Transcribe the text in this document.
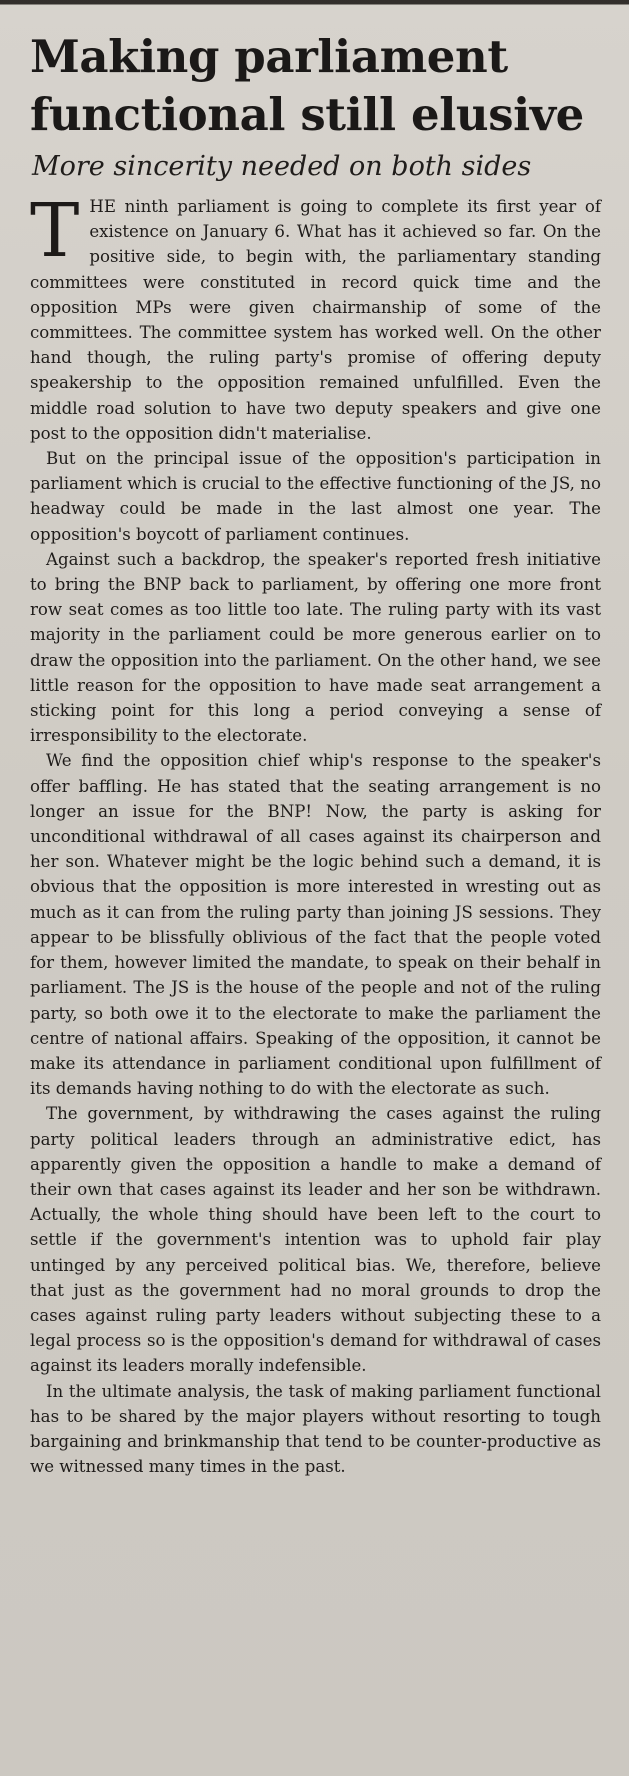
Making parliament functional still elusive
More sincerity needed on both sides

T HE ninth parliament is going to complete its first year of existence on January 6. What has it achieved so far. On the positive side, to begin with, the parliamentary standing committees were constituted in record quick time and the opposition MPs were given chairmanship of some of the committees. The committee system has worked well. On the other hand though, the ruling party's promise of offering deputy speakership to the opposition remained unfulfilled. Even the middle road solution to have two deputy speakers and give one post to the opposition didn't materialise.

But on the principal issue of the opposition's participation in parliament which is crucial to the effective functioning of the JS, no headway could be made in the last almost one year. The opposition's boycott of parliament continues.

Against such a backdrop, the speaker's reported fresh initiative to bring the BNP back to parliament, by offering one more front row seat comes as too little too late. The ruling party with its vast majority in the parliament could be more generous earlier on to draw the opposition into the parliament. On the other hand, we see little reason for the opposition to have made seat arrangement a sticking point for this long a period conveying a sense of irresponsibility to the electorate.

We find the opposition chief whip's response to the speaker's offer baffling. He has stated that the seating arrangement is no longer an issue for the BNP! Now, the party is asking for unconditional withdrawal of all cases against its chairperson and her son. Whatever might be the logic behind such a demand, it is obvious that the opposition is more interested in wresting out as much as it can from the ruling party than joining JS sessions. They appear to be blissfully oblivious of the fact that the people voted for them, however limited the mandate, to speak on their behalf in parliament. The JS is the house of the people and not of the ruling party, so both owe it to the electorate to make the parliament the centre of national affairs. Speaking of the opposition, it cannot be make its attendance in parliament conditional upon fulfillment of its demands having nothing to do with the electorate as such.

The government, by withdrawing the cases against the ruling party political leaders through an administrative edict, has apparently given the opposition a handle to make a demand of their own that cases against its leader and her son be withdrawn. Actually, the whole thing should have been left to the court to settle if the government's intention was to uphold fair play untinged by any perceived political bias. We, therefore, believe that just as the government had no moral grounds to drop the cases against ruling party leaders without subjecting these to a legal process so is the opposition's demand for withdrawal of cases against its leaders morally indefensible.

In the ultimate analysis, the task of making parliament functional has to be shared by the major players without resorting to tough bargaining and brinkmanship that tend to be counter-productive as we witnessed many times in the past.
